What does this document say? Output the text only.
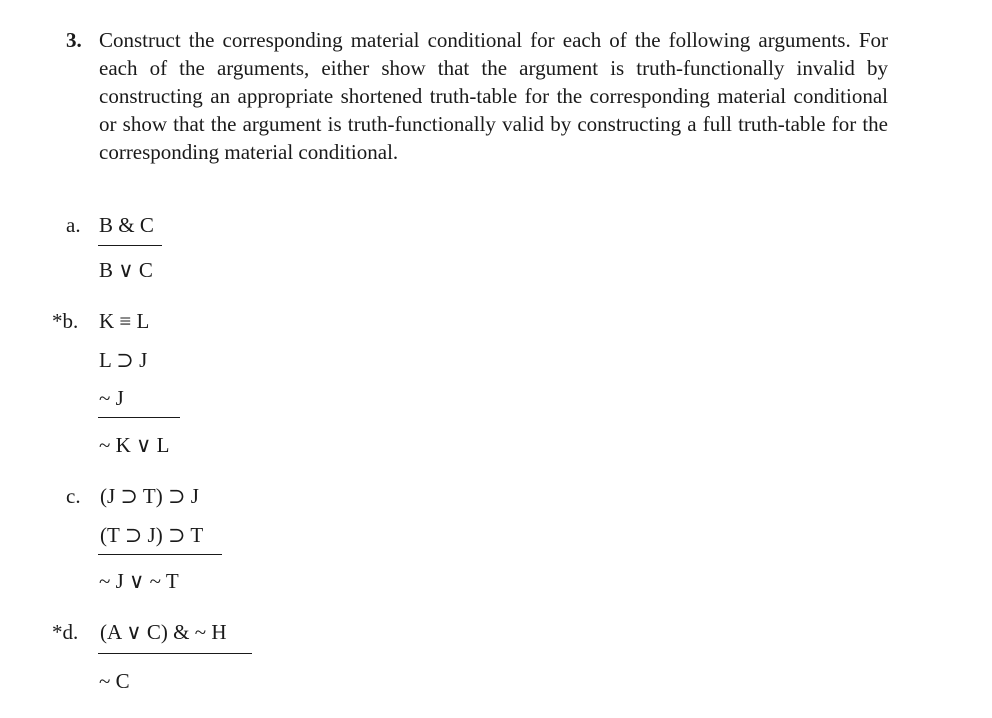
3. Construct the corresponding material conditional for each of the following arguments. For each of the arguments, either show that the argument is truth-functionally invalid by constructing an appropriate shortened truth-table for the corresponding material conditional or show that the argument is truth-functionally valid by constructing a full truth-table for the corresponding material conditional.
a. B & C
B ∨ C
*b. K ≡ L
L ⊃ J
~ J
~ K ∨ L
c. (J ⊃ T) ⊃ J
(T ⊃ J) ⊃ T
~ J ∨ ~ T
*d. (A ∨ C) & ~ H
~ C
